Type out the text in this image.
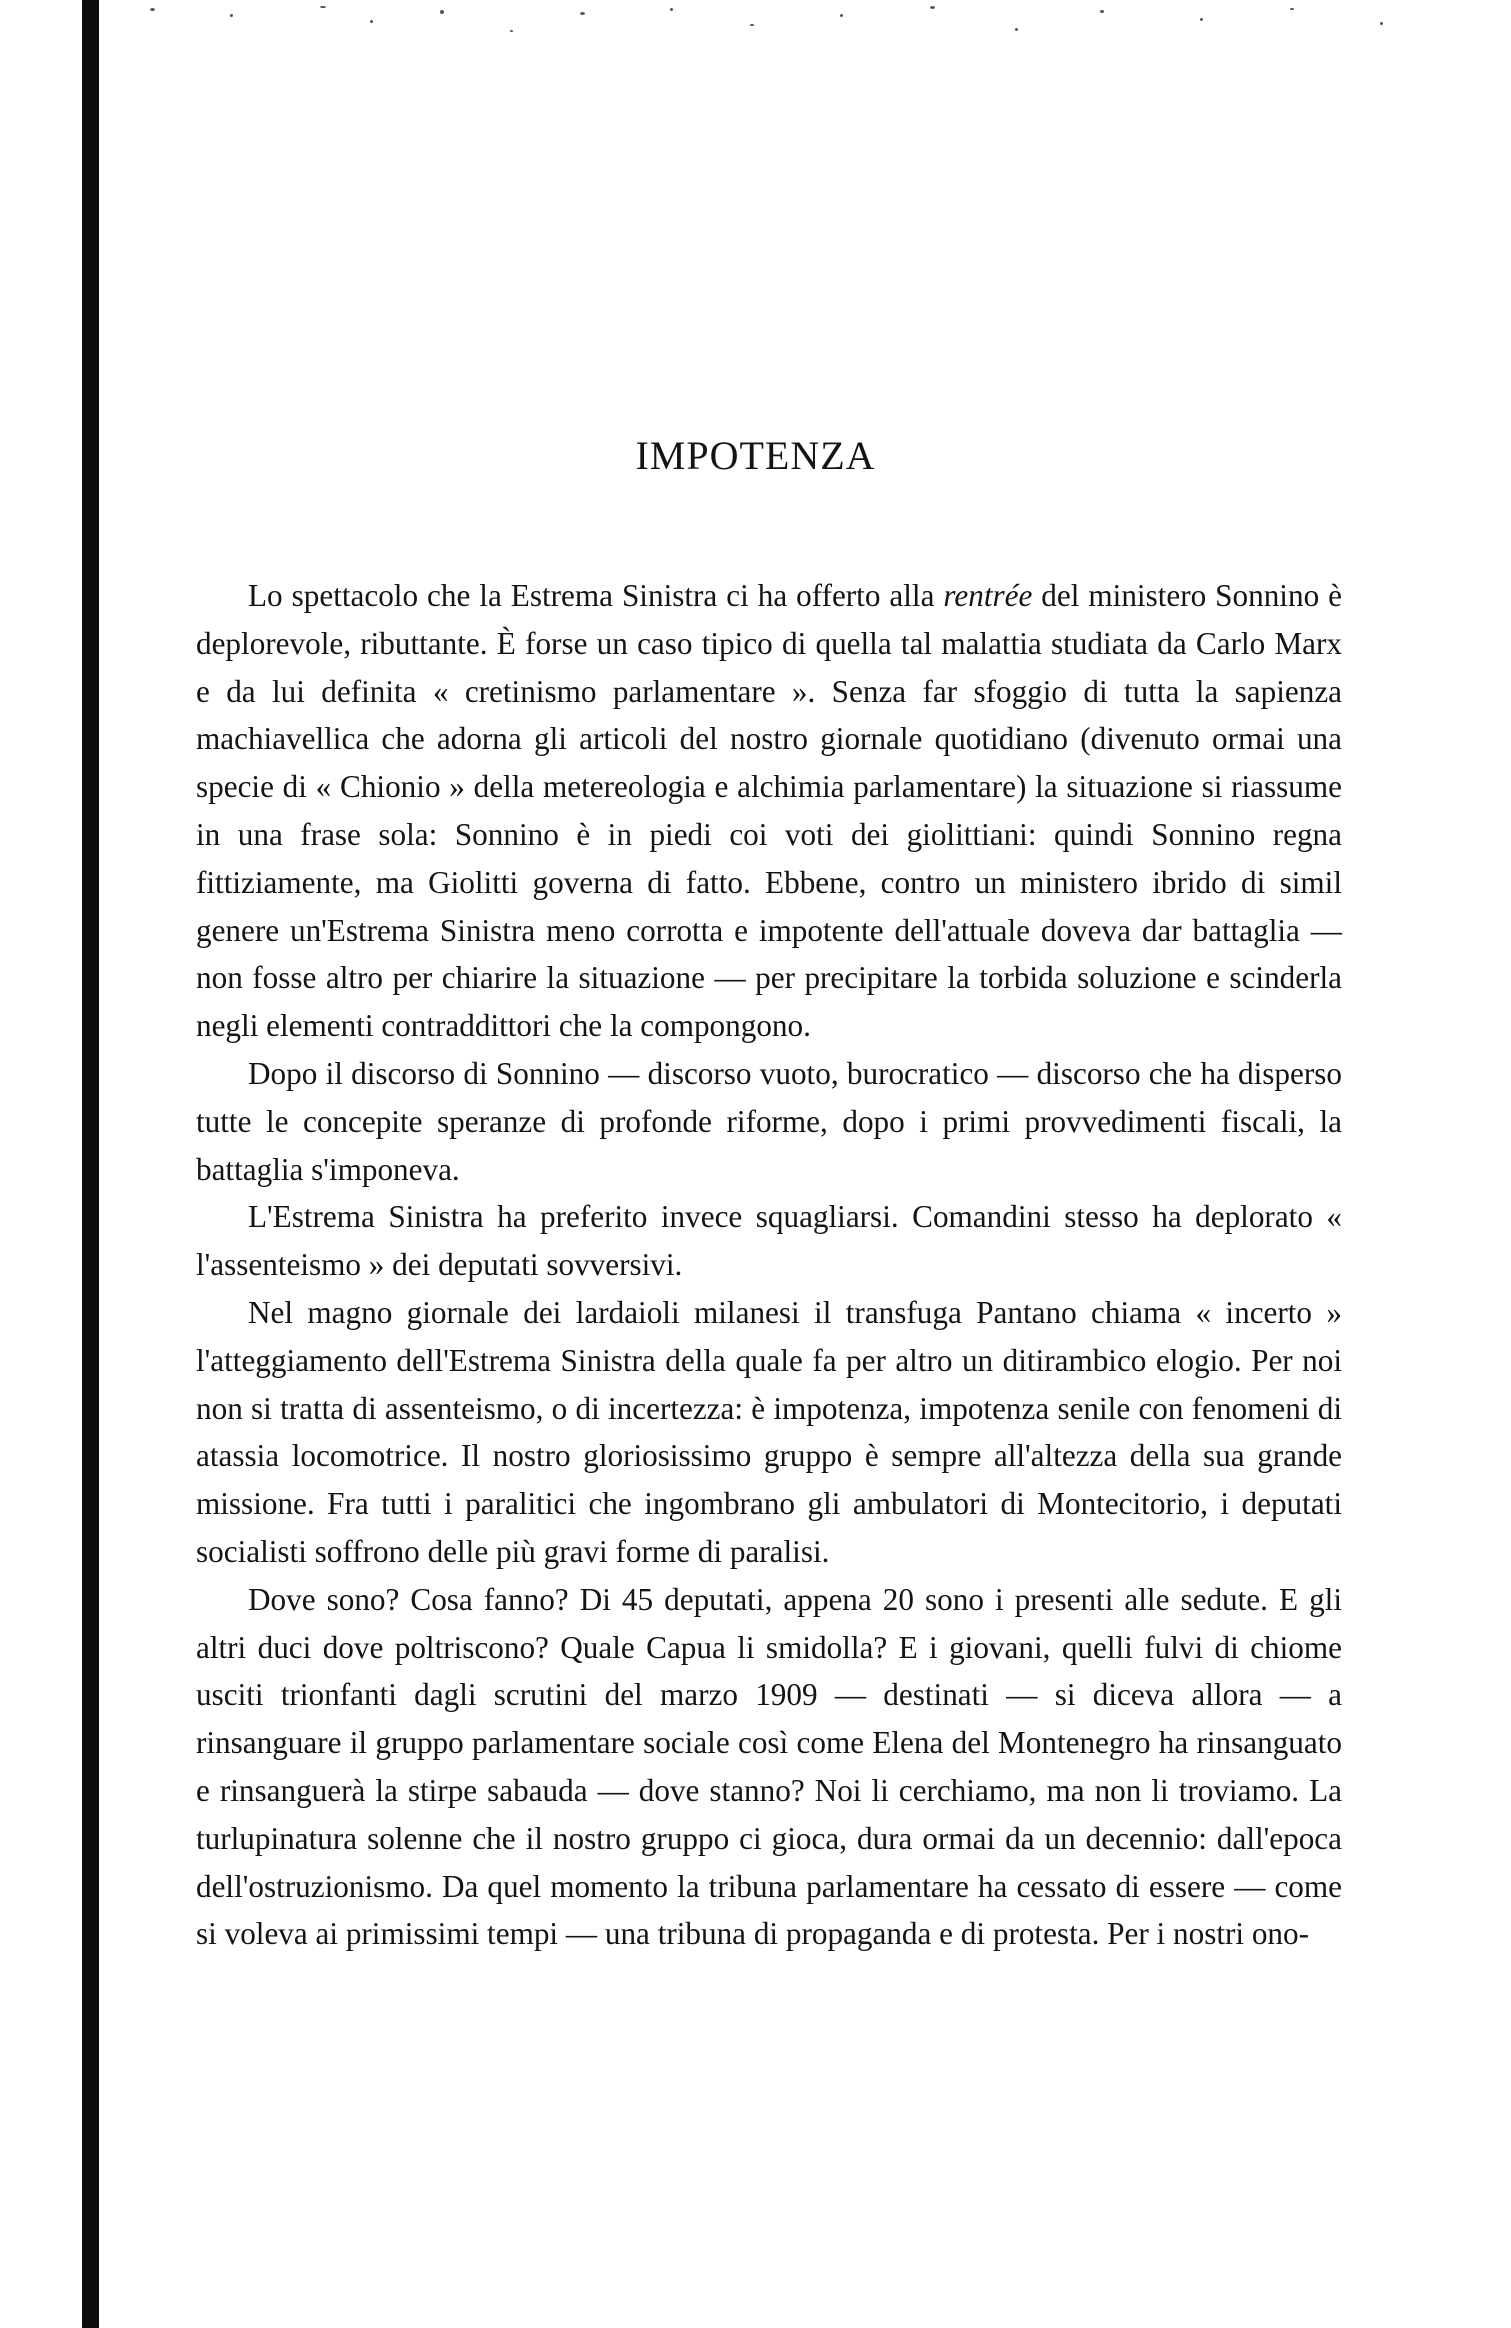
IMPOTENZA

Lo spettacolo che la Estrema Sinistra ci ha offerto alla rentrée del ministero Sonnino è deplorevole, ributtante. È forse un caso tipico di quella tal malattia studiata da Carlo Marx e da lui definita « cretinismo parlamentare ». Senza far sfoggio di tutta la sapienza machiavellica che adorna gli articoli del nostro giornale quotidiano (divenuto ormai una specie di « Chionio » della metereologia e alchimia parlamentare) la situazione si riassume in una frase sola: Sonnino è in piedi coi voti dei giolittiani: quindi Sonnino regna fittiziamente, ma Giolitti governa di fatto. Ebbene, contro un ministero ibrido di simil genere un'Estrema Sinistra meno corrotta e impotente dell'attuale doveva dar battaglia — non fosse altro per chiarire la situazione — per precipitare la torbida soluzione e scinderla negli elementi contraddittori che la compongono.

Dopo il discorso di Sonnino — discorso vuoto, burocratico — discorso che ha disperso tutte le concepite speranze di profonde riforme, dopo i primi provvedimenti fiscali, la battaglia s'imponeva.

L'Estrema Sinistra ha preferito invece squagliarsi. Comandini stesso ha deplorato « l'assenteismo » dei deputati sovversivi.

Nel magno giornale dei lardaioli milanesi il transfuga Pantano chiama « incerto » l'atteggiamento dell'Estrema Sinistra della quale fa per altro un ditirambico elogio. Per noi non si tratta di assenteismo, o di incertezza: è impotenza, impotenza senile con fenomeni di atassia locomotrice. Il nostro gloriosissimo gruppo è sempre all'altezza della sua grande missione. Fra tutti i paralitici che ingombrano gli ambulatori di Montecitorio, i deputati socialisti soffrono delle più gravi forme di paralisi.

Dove sono? Cosa fanno? Di 45 deputati, appena 20 sono i presenti alle sedute. E gli altri duci dove poltriscono? Quale Capua li smidolla? E i giovani, quelli fulvi di chiome usciti trionfanti dagli scrutini del marzo 1909 — destinati — si diceva allora — a rinsanguare il gruppo parlamentare sociale così come Elena del Montenegro ha rinsanguato e rinsanguerà la stirpe sabauda — dove stanno? Noi li cerchiamo, ma non li troviamo. La turlupinatura solenne che il nostro gruppo ci gioca, dura ormai da un decennio: dall'epoca dell'ostruzionismo. Da quel momento la tribuna parlamentare ha cessato di essere — come si voleva ai primissimi tempi — una tribuna di propaganda e di protesta. Per i nostri ono-
